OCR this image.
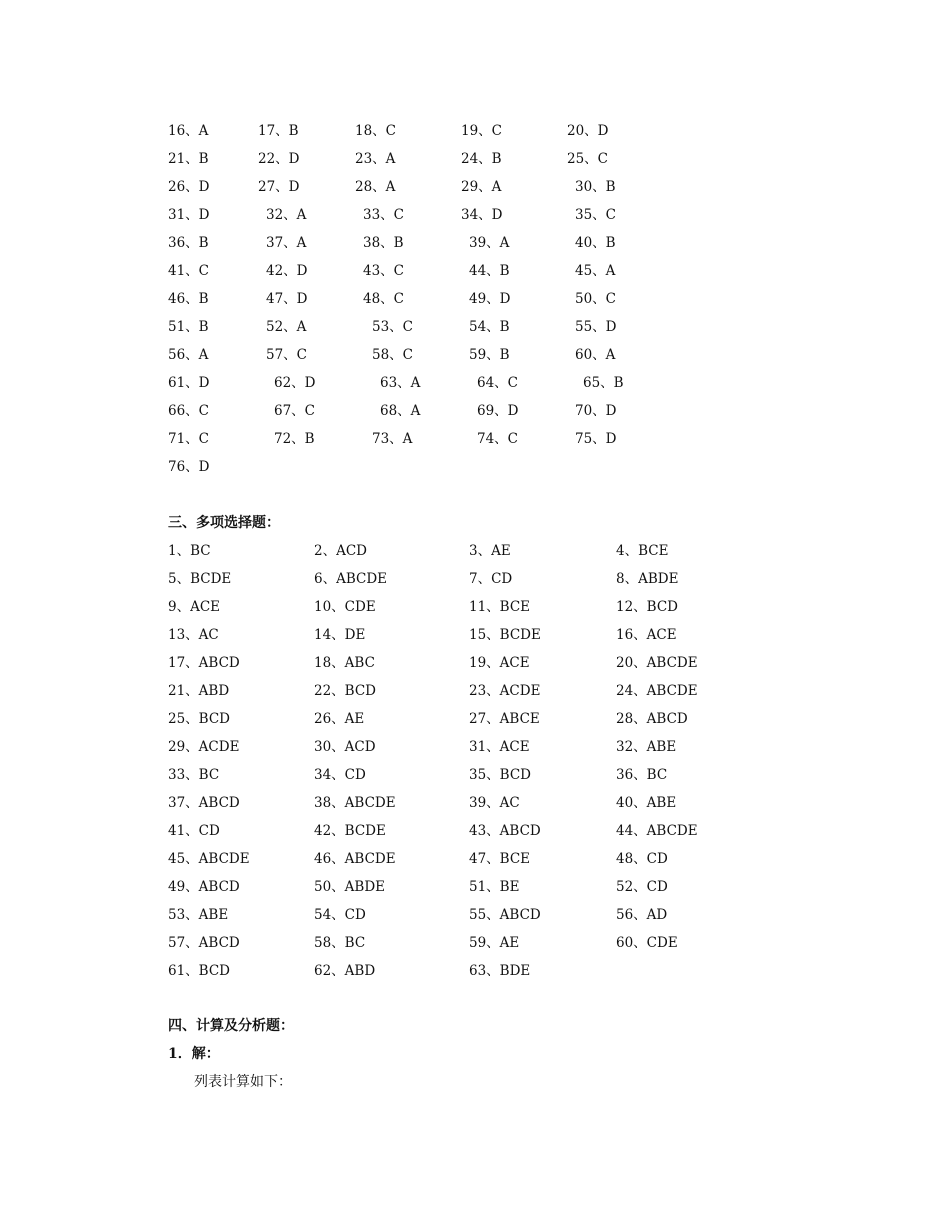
16、A	17、B	18、C	19、C	20、D
21、B	22、D	23、A	24、B	25、C
26、D	27、D	28、A	29、A	30、B
31、D	32、A	33、C	34、D	35、C
36、B	37、A	38、B	39、A	40、B
41、C	42、D	43、C	44、B	45、A
46、B	47、D	48、C	49、D	50、C
51、B	52、A	53、C	54、B	55、D
56、A	57、C	58、C	59、B	60、A
61、D	62、D	63、A	64、C	65、B
66、C	67、C	68、A	69、D	70、D
71、C	72、B	73、A	74、C	75、D
76、D
三、多项选择题：
1、BC	2、ACD	3、AE	4、BCE
5、BCDE	6、ABCDE	7、CD	8、ABDE
9、ACE	10、CDE	11、BCE	12、BCD
13、AC	14、DE	15、BCDE	16、ACE
17、ABCD	18、ABC	19、ACE	20、ABCDE
21、ABD	22、BCD	23、ACDE	24、ABCDE
25、BCD	26、AE	27、ABCE	28、ABCD
29、ACDE	30、ACD	31、ACE	32、ABE
33、BC	34、CD	35、BCD	36、BC
37、ABCD	38、ABCDE	39、AC	40、ABE
41、CD	42、BCDE	43、ABCD	44、ABCDE
45、ABCDE	46、ABCDE	47、BCE	48、CD
49、ABCD	50、ABDE	51、BE	52、CD
53、ABE	54、CD	55、ABCD	56、AD
57、ABCD	58、BC	59、AE	60、CDE
61、BCD	62、ABD	63、BDE
四、计算及分析题：
1．解：
列表计算如下：
